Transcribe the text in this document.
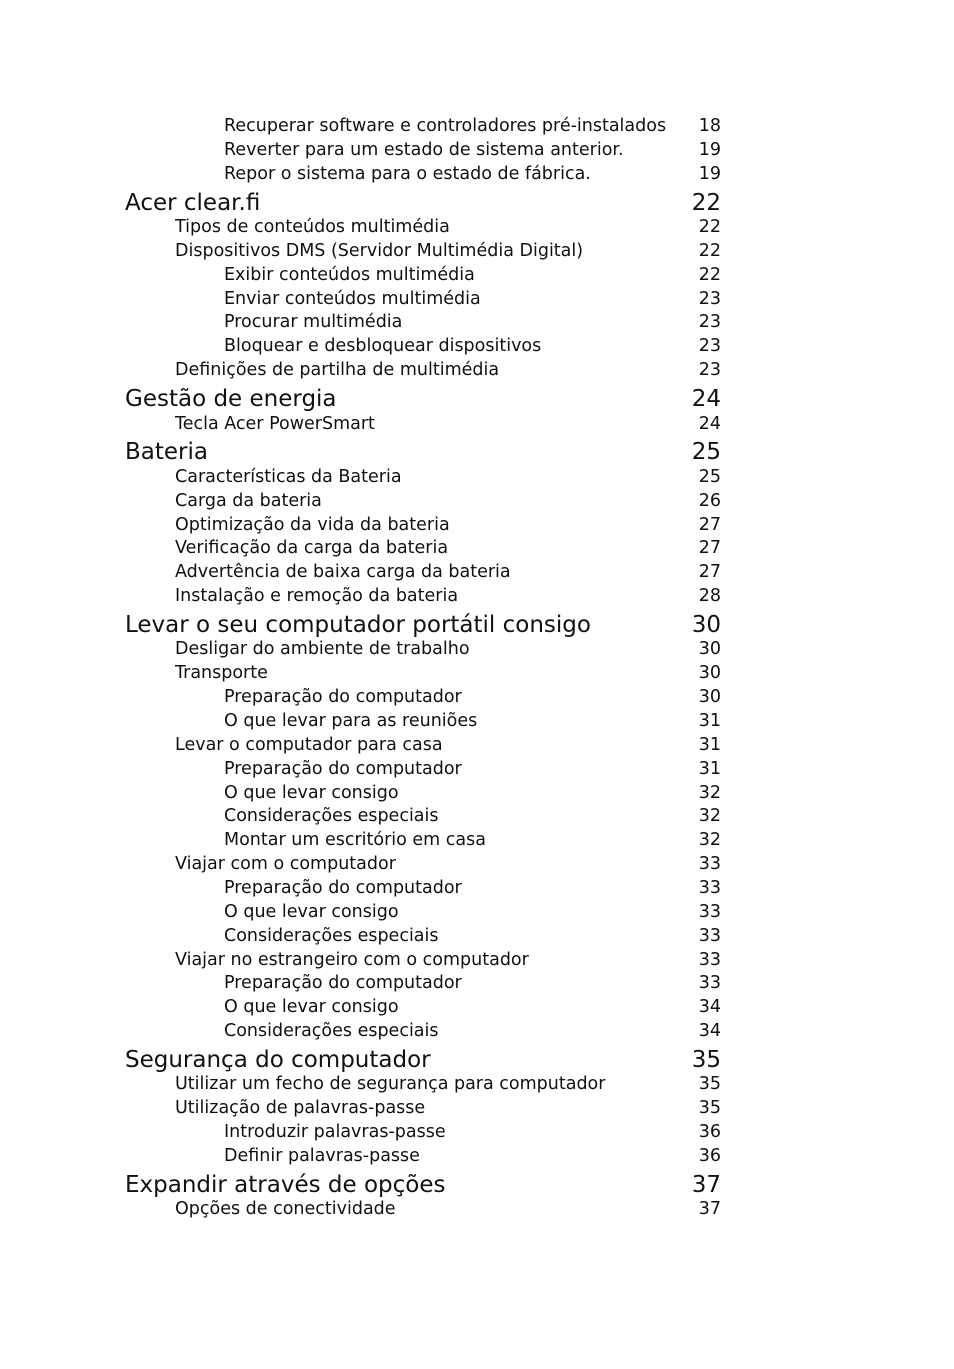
Recuperar software e controladores pré-instalados 18
Reverter para um estado de sistema anterior.	19
Repor o sistema para o estado de fábrica.	19
Acer clear.fi	22
Tipos de conteúdos multimédia	22
Dispositivos DMS (Servidor Multimédia Digital)	22
Exibir conteúdos multimédia	22
Enviar conteúdos multimédia	23
Procurar multimédia	23
Bloquear e desbloquear dispositivos	23
Definições de partilha de multimédia	23
Gestão de energia	24
Tecla Acer PowerSmart	24
Bateria	25
Características da Bateria	25
Carga da bateria	26
Optimização da vida da bateria	27
Verificação da carga da bateria	27
Advertência de baixa carga da bateria	27
Instalação e remoção da bateria	28
Levar o seu computador portátil consigo	30
Desligar do ambiente de trabalho	30
Transporte	30
Preparação do computador	30
O que levar para as reuniões	31
Levar o computador para casa	31
Preparação do computador	31
O que levar consigo	32
Considerações especiais	32
Montar um escritório em casa	32
Viajar com o computador	33
Preparação do computador	33
O que levar consigo	33
Considerações especiais	33
Viajar no estrangeiro com o computador	33
Preparação do computador	33
O que levar consigo	34
Considerações especiais	34
Segurança do computador	35
Utilizar um fecho de segurança para computador	35
Utilização de palavras-passe	35
Introduzir palavras-passe	36
Definir palavras-passe	36
Expandir através de opções	37
Opções de conectividade	37
